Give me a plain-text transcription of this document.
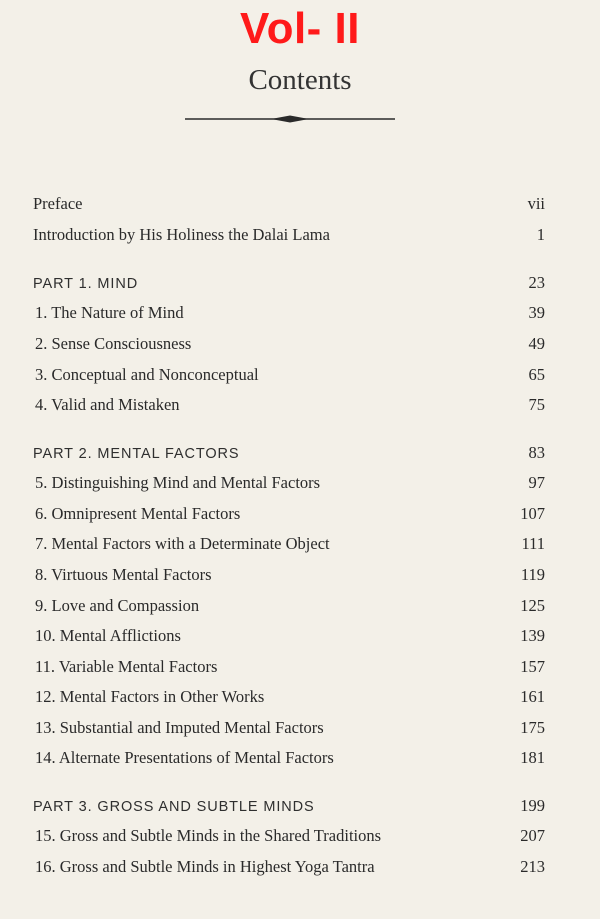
Vol- II
Contents
Preface	vii
Introduction by His Holiness the Dalai Lama	1
PART 1. MIND	23
1. The Nature of Mind	39
2. Sense Consciousness	49
3. Conceptual and Nonconceptual	65
4. Valid and Mistaken	75
PART 2. MENTAL FACTORS	83
5. Distinguishing Mind and Mental Factors	97
6. Omnipresent Mental Factors	107
7. Mental Factors with a Determinate Object	111
8. Virtuous Mental Factors	119
9. Love and Compassion	125
10. Mental Afflictions	139
11. Variable Mental Factors	157
12. Mental Factors in Other Works	161
13. Substantial and Imputed Mental Factors	175
14. Alternate Presentations of Mental Factors	181
PART 3. GROSS AND SUBTLE MINDS	199
15. Gross and Subtle Minds in the Shared Traditions	207
16. Gross and Subtle Minds in Highest Yoga Tantra	213
